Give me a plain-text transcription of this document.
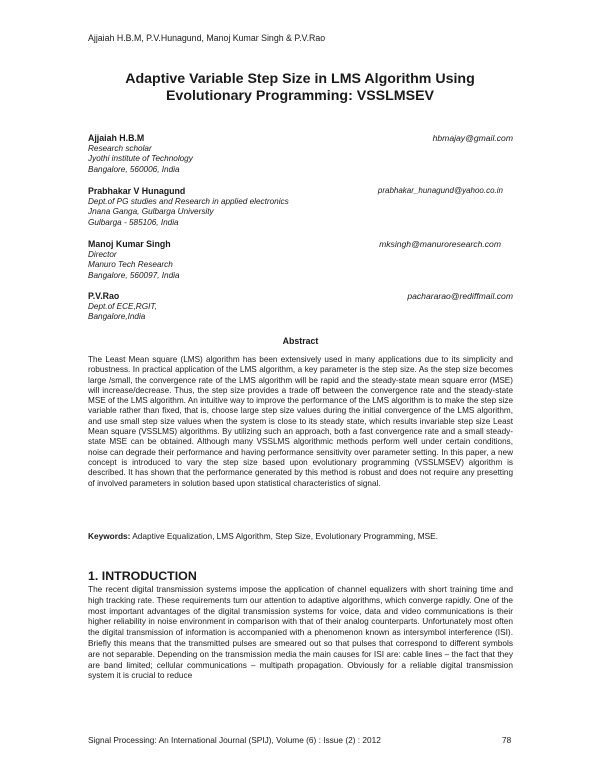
Ajjaiah H.B.M, P.V.Hunagund, Manoj Kumar Singh & P.V.Rao
Adaptive Variable Step Size in LMS Algorithm Using
Evolutionary Programming: VSSLMSEV
Ajjaiah H.B.M	hbmajay@gmail.com
Research scholar
Jyothi institute of Technology
Bangalore, 560006, India
Prabhakar V Hunagund	prabhakar_hunagund@yahoo.co.in
Dept.of PG studies and Research in applied electronics
Jnana Ganga, Gulbarga University
Gulbarga - 585106, India
Manoj Kumar Singh	mksingh@manuroresearch.com
Director
Manuro Tech Research
Bangalore, 560097, India
P.V.Rao	pachararao@rediffmail.com
Dept.of ECE,RGIT,
Bangalore,India
Abstract

The Least Mean square (LMS) algorithm has been extensively used in many applications due to its simplicity and robustness. In practical application of the LMS algorithm, a key parameter is the step size. As the step size becomes large /small, the convergence rate of the LMS algorithm will be rapid and the steady-state mean square error (MSE) will increase/decrease. Thus, the step size provides a trade off between the convergence rate and the steady-state MSE of the LMS algorithm. An intuitive way to improve the performance of the LMS algorithm is to make the step size variable rather than fixed, that is, choose large step size values during the initial convergence of the LMS algorithm, and use small step size values when the system is close to its steady state, which results invariable step size Least Mean square (VSSLMS) algorithms. By utilizing such an approach, both a fast convergence rate and a small steady-state MSE can be obtained. Although many VSSLMS algorithmic methods perform well under certain conditions, noise can degrade their performance and having performance sensitivity over parameter setting. In this paper, a new concept is introduced to vary the step size based upon evolutionary programming (VSSLMSEV) algorithm is described. It has shown that the performance generated by this method is robust and does not require any presetting of involved parameters in solution based upon statistical characteristics of signal.

Keywords: Adaptive Equalization, LMS Algorithm, Step Size, Evolutionary Programming, MSE.
1. INTRODUCTION

The recent digital transmission systems impose the application of channel equalizers with short training time and high tracking rate. These requirements turn our attention to adaptive algorithms, which converge rapidly. One of the most important advantages of the digital transmission systems for voice, data and video communications is their higher reliability in noise environment in comparison with that of their analog counterparts. Unfortunately most often the digital transmission of information is accompanied with a phenomenon known as intersymbol interference (ISI). Briefly this means that the transmitted pulses are smeared out so that pulses that correspond to different symbols are not separable. Depending on the transmission media the main causes for ISI are: cable lines – the fact that they are band limited; cellular communications – multipath propagation. Obviously for a reliable digital transmission system it is crucial to reduce

Signal Processing: An International Journal (SPIJ), Volume (6) : Issue (2) : 2012	78
